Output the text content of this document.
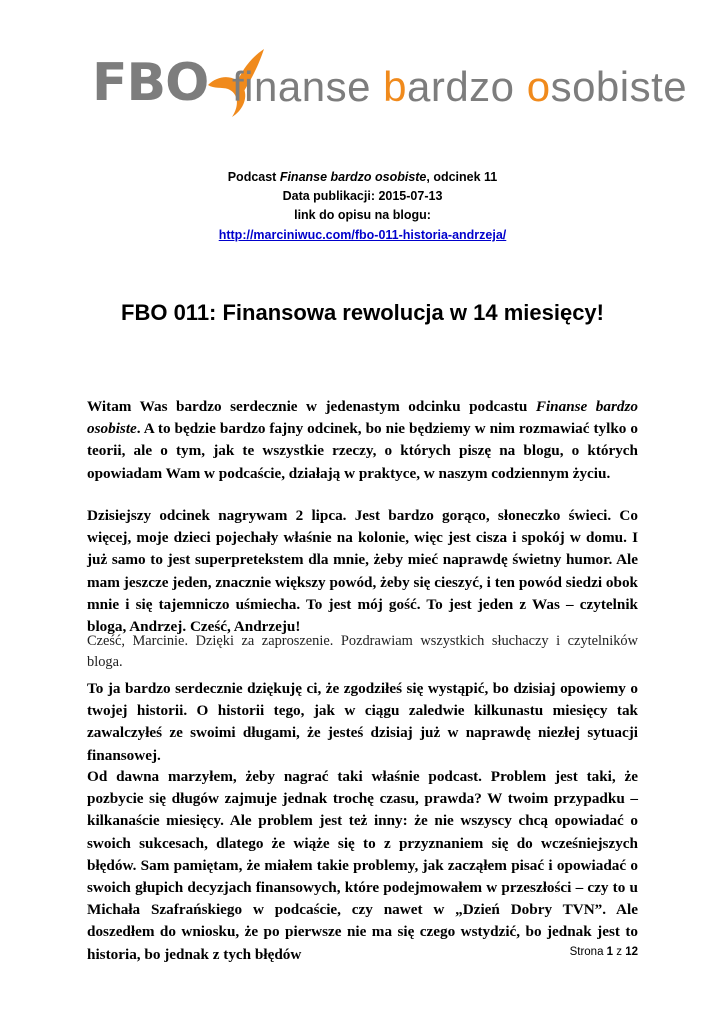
FBO finanse bardzo osobiste
Podcast Finanse bardzo osobiste, odcinek 11
Data publikacji: 2015-07-13
link do opisu na blogu:
http://marciniwuc.com/fbo-011-historia-andrzeja/
FBO 011: Finansowa rewolucja w 14 miesięcy!
Witam Was bardzo serdecznie w jedenastym odcinku podcastu Finanse bardzo osobiste. A to będzie bardzo fajny odcinek, bo nie będziemy w nim rozmawiać tylko o teorii, ale o tym, jak te wszystkie rzeczy, o których piszę na blogu, o których opowiadam Wam w podcaście, działają w praktyce, w naszym codziennym życiu.
Dzisiejszy odcinek nagrywam 2 lipca. Jest bardzo gorąco, słoneczko świeci. Co więcej, moje dzieci pojechały właśnie na kolonie, więc jest cisza i spokój w domu. I już samo to jest superpretekstem dla mnie, żeby mieć naprawdę świetny humor. Ale mam jeszcze jeden, znacznie większy powód, żeby się cieszyć, i ten powód siedzi obok mnie i się tajemniczo uśmiecha. To jest mój gość. To jest jeden z Was – czytelnik bloga, Andrzej. Cześć, Andrzeju!
Cześć, Marcinie. Dzięki za zaproszenie. Pozdrawiam wszystkich słuchaczy i czytelników bloga.
To ja bardzo serdecznie dziękuję ci, że zgodziłeś się wystąpić, bo dzisiaj opowiemy o twojej historii. O historii tego, jak w ciągu zaledwie kilkunastu miesięcy tak zawalczyłeś ze swoimi długami, że jesteś dzisiaj już w naprawdę niezłej sytuacji finansowej.
Od dawna marzyłem, żeby nagrać taki właśnie podcast. Problem jest taki, że pozbycie się długów zajmuje jednak trochę czasu, prawda? W twoim przypadku – kilkanaście miesięcy. Ale problem jest też inny: że nie wszyscy chcą opowiadać o swoich sukcesach, dlatego że wiąże się to z przyznaniem się do wcześniejszych błędów. Sam pamiętam, że miałem takie problemy, jak zacząłem pisać i opowiadać o swoich głupich decyzjach finansowych, które podejmowałem w przeszłości – czy to u Michała Szafrańskiego w podcaście, czy nawet w „Dzień Dobry TVN”. Ale doszedłem do wniosku, że po pierwsze nie ma się czego wstydzić, bo jednak jest to historia, bo jednak z tych błędów	Strona 1 z 12
